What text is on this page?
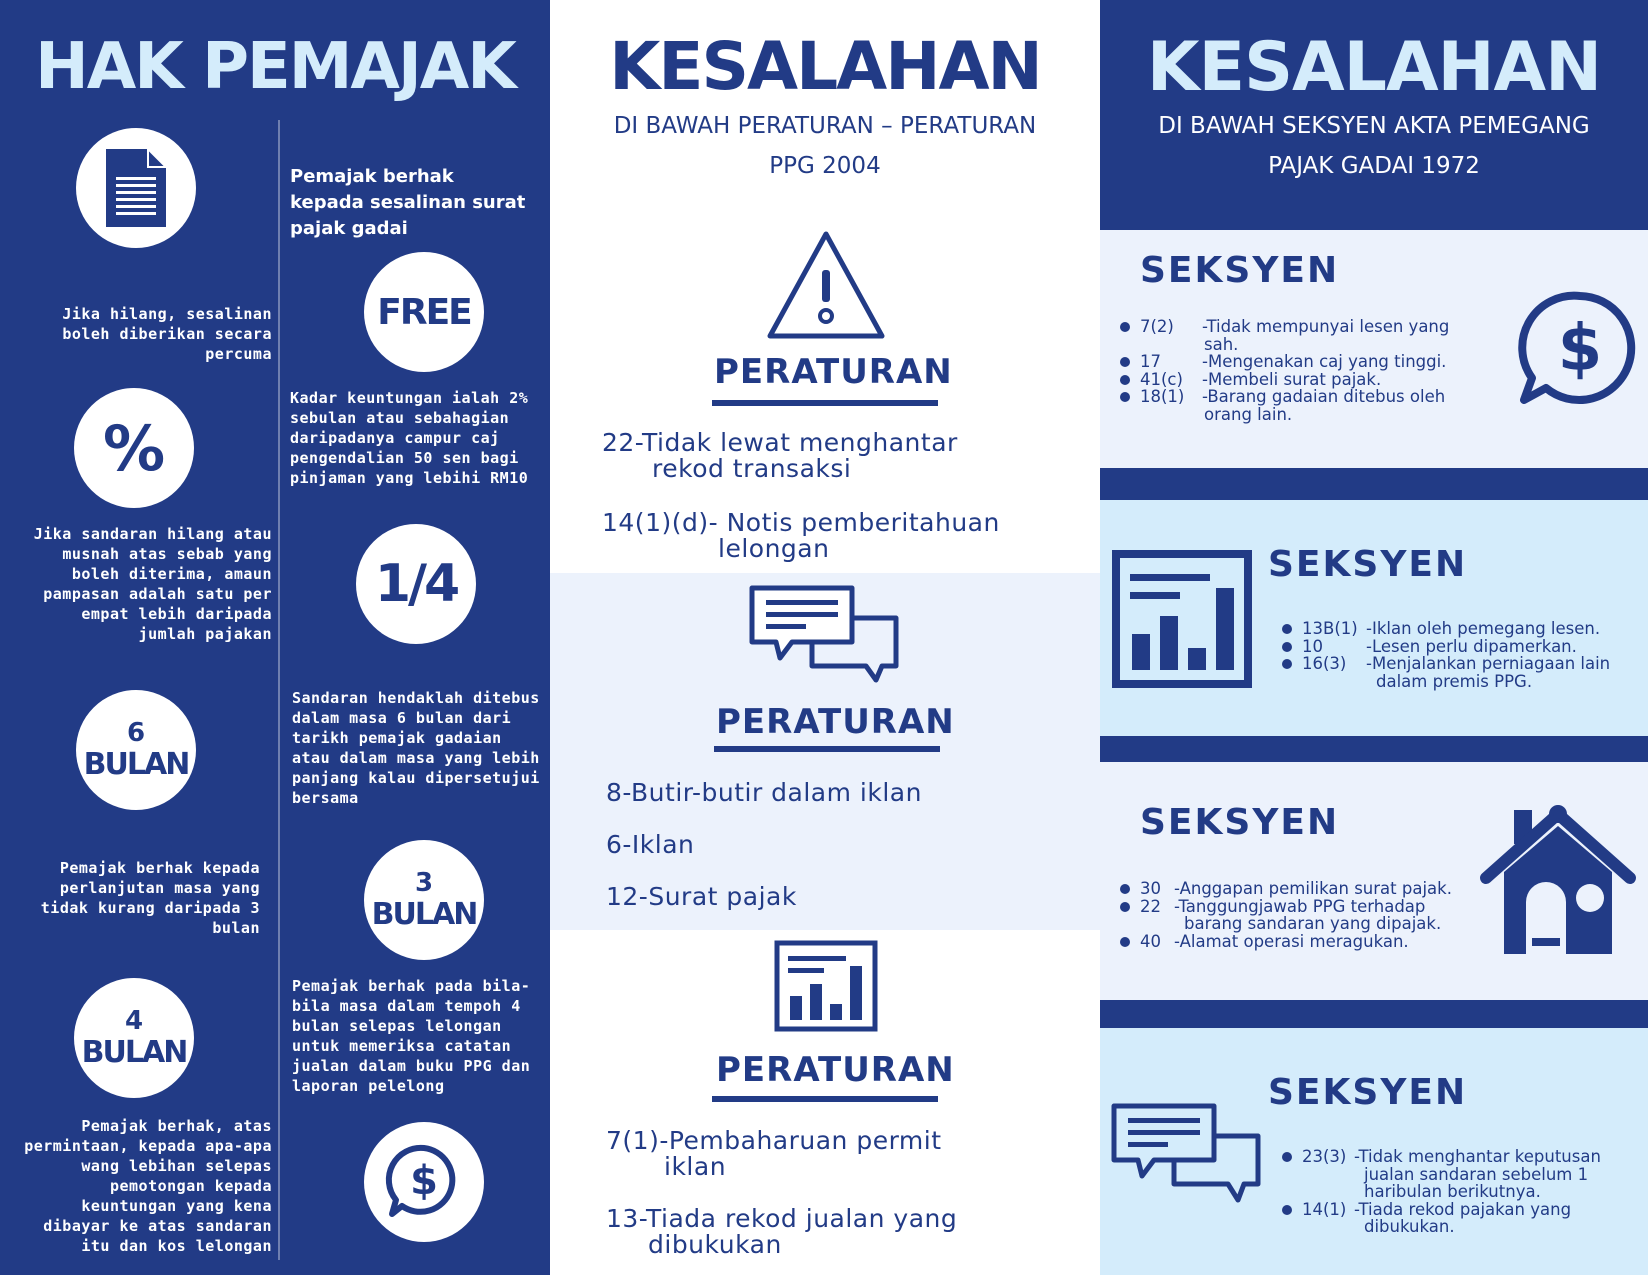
HAK PEMAJAK
Pemajak berhak kepada sesalinan surat pajak gadai
FREE
Jika hilang, sesalinan boleh diberikan secara percuma
%
Kadar keuntungan ialah 2% sebulan atau sebahagian daripadanya campur caj pengendalian 50 sen bagi pinjaman yang lebihi RM10
Jika sandaran hilang atau musnah atas sebab yang boleh diterima, amaun pampasan adalah satu per empat lebih daripada jumlah pajakan
1/4
6
BULAN
Sandaran hendaklah ditebus dalam masa 6 bulan dari tarikh pemajak gadaian atau dalam masa yang lebih panjang kalau dipersetujui bersama
Pemajak berhak kepada perlanjutan masa yang tidak kurang daripada 3 bulan
3
BULAN
4
BULAN
Pemajak berhak pada bila-bila masa dalam tempoh 4 bulan selepas lelongan untuk memeriksa catatan jualan dalam buku PPG dan laporan pelelong
Pemajak berhak, atas permintaan, kepada apa-apa wang lebihan selepas pemotongan kepada keuntungan yang kena dibayar ke atas sandaran itu dan kos lelongan
$
KESALAHAN
DI BAWAH PERATURAN – PERATURAN
PPG 2004
PERATURAN
22-Tidak lewat menghantar
rekod transaksi
14(1)(d)- Notis pemberitahuan
lelongan
PERATURAN
8-Butir-butir dalam iklan
6-Iklan
12-Surat pajak
PERATURAN
7(1)-Pembaharuan permit
iklan
13-Tiada rekod jualan yang
dibukukan
KESALAHAN
DI BAWAH SEKSYEN AKTA PEMEGANG
PAJAK GADAI 1972
SEKSYEN
7(2) -Tidak mempunyai lesen yang
sah.
17 -Mengenakan caj yang tinggi.
41(c) -Membeli surat pajak.
18(1) -Barang gadaian ditebus oleh
orang lain.
$
SEKSYEN
13B(1) -Iklan oleh pemegang lesen.
10	-Lesen perlu dipamerkan.
16(3) -Menjalankan perniagaan lain
dalam premis PPG.
SEKSYEN
30 -Anggapan pemilikan surat pajak.
22 -Tanggungjawab PPG terhadap
barang sandaran yang dipajak.
40 -Alamat operasi meragukan.
SEKSYEN
23(3) -Tidak menghantar keputusan
jualan sandaran sebelum 1
haribulan berikutnya.
14(1) -Tiada rekod pajakan yang
dibukukan.
